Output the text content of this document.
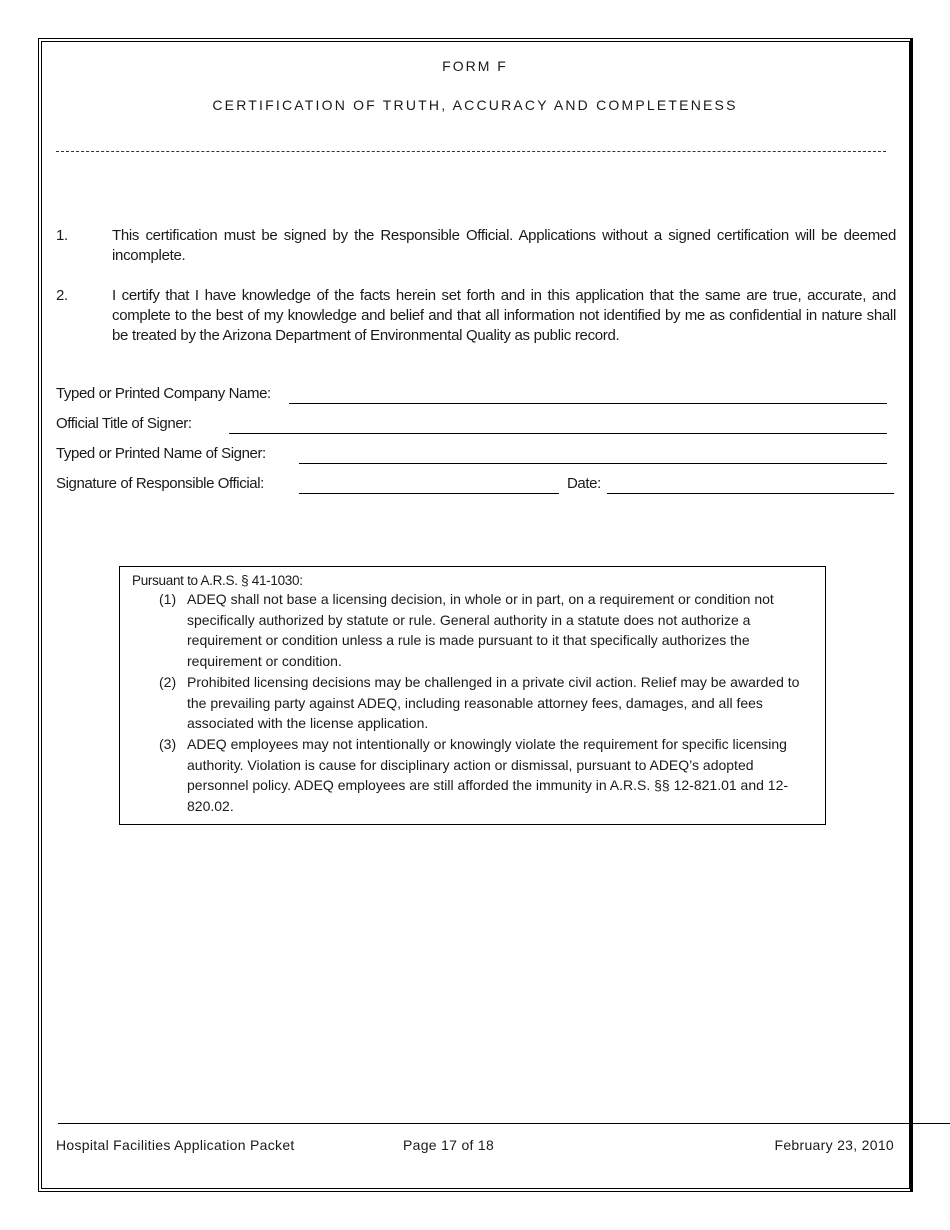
FORM F
CERTIFICATION OF TRUTH, ACCURACY AND COMPLETENESS
1.	This certification must be signed by the Responsible Official. Applications without a signed certification will be deemed incomplete.
2.	I certify that I have knowledge of the facts herein set forth and in this application that the same are true, accurate, and complete to the best of my knowledge and belief and that all information not identified by me as confidential in nature shall be treated by the Arizona Department of Environmental Quality as public record.
Typed or Printed Company Name:
Official Title of Signer:
Typed or Printed Name of Signer:
Signature of Responsible Official:	Date:
Pursuant to A.R.S. § 41-1030:
(1) ADEQ shall not base a licensing decision, in whole or in part, on a requirement or condition not specifically authorized by statute or rule. General authority in a statute does not authorize a requirement or condition unless a rule is made pursuant to it that specifically authorizes the requirement or condition.
(2) Prohibited licensing decisions may be challenged in a private civil action. Relief may be awarded to the prevailing party against ADEQ, including reasonable attorney fees, damages, and all fees associated with the license application.
(3) ADEQ employees may not intentionally or knowingly violate the requirement for specific licensing authority. Violation is cause for disciplinary action or dismissal, pursuant to ADEQ’s adopted personnel policy. ADEQ employees are still afforded the immunity in A.R.S. §§ 12-821.01 and 12-820.02.
Hospital Facilities Application Packet	Page 17 of 18	February 23, 2010
